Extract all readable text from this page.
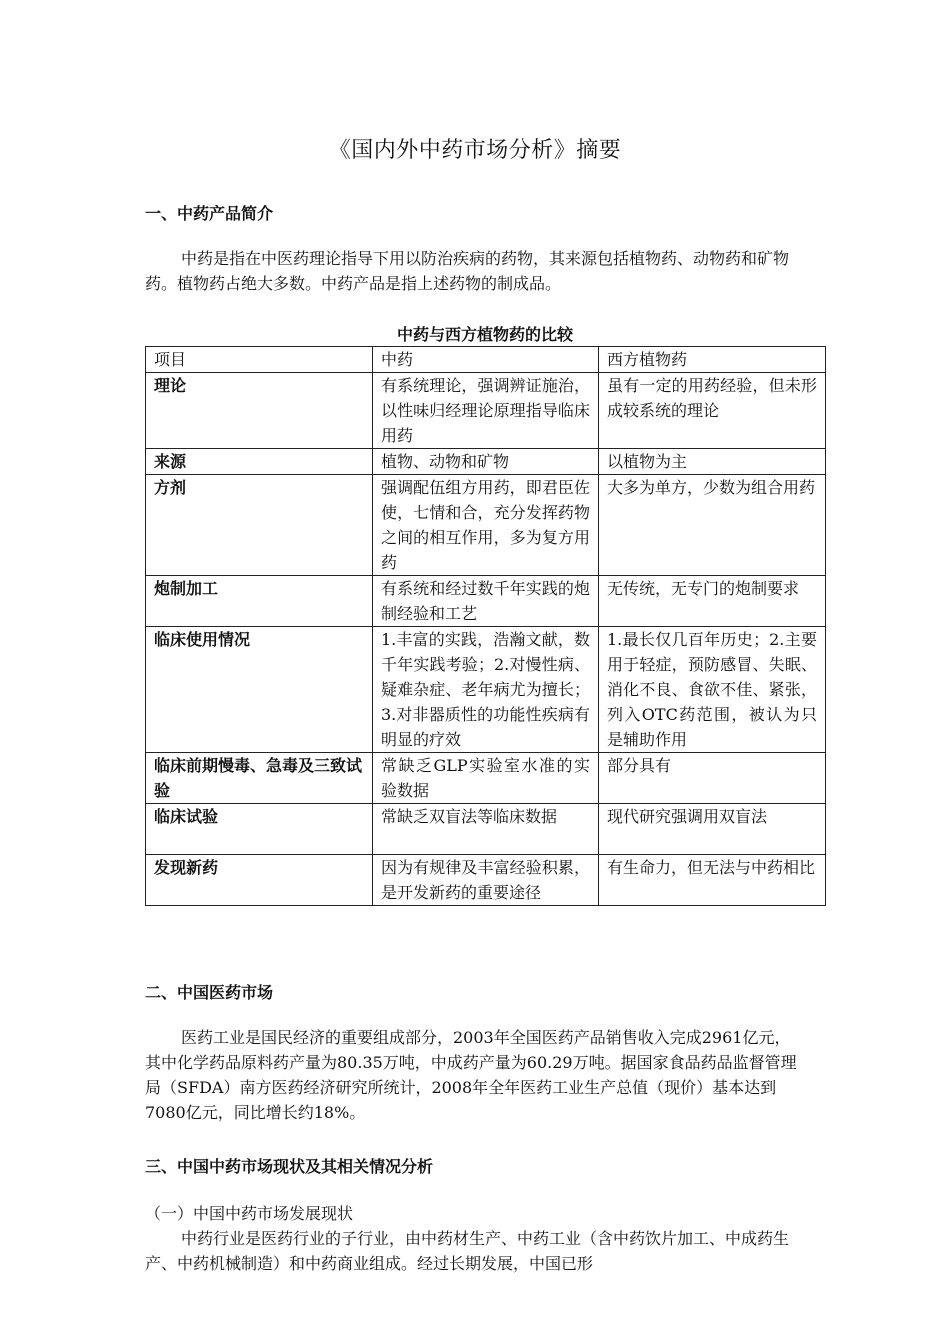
《国内外中药市场分析》摘要
一、中药产品简介
中药是指在中医药理论指导下用以防治疾病的药物，其来源包括植物药、动物药和矿物药。植物药占绝大多数。中药产品是指上述药物的制成品。
中药与西方植物药的比较
项目	中药	西方植物药
理论	有系统理论，强调辨证施治，以性味归经理论原理指导临床用药	虽有一定的用药经验，但未形成较系统的理论
来源	植物、动物和矿物	以植物为主
方剂	强调配伍组方用药，即君臣佐使，七情和合，充分发挥药物之间的相互作用，多为复方用药	大多为单方，少数为组合用药
炮制加工	有系统和经过数千年实践的炮制经验和工艺	无传统，无专门的炮制要求
临床使用情况	1.丰富的实践，浩瀚文献，数千年实践考验；2.对慢性病、疑难杂症、老年病尤为擅长；3.对非器质性的功能性疾病有明显的疗效	1.最长仅几百年历史；2.主要用于轻症，预防感冒、失眠、消化不良、食欲不佳、紧张，列入OTC药范围，被认为只是辅助作用
临床前期慢毒、急毒及三致试验	常缺乏GLP实验室水准的实验数据	部分具有
临床试验	常缺乏双盲法等临床数据	现代研究强调用双盲法
发现新药	因为有规律及丰富经验积累，是开发新药的重要途径	有生命力，但无法与中药相比
二、中国医药市场
医药工业是国民经济的重要组成部分，2003年全国医药产品销售收入完成2961亿元，其中化学药品原料药产量为80.35万吨，中成药产量为60.29万吨。据国家食品药品监督管理局（SFDA）南方医药经济研究所统计，2008年全年医药工业生产总值（现价）基本达到7080亿元，同比增长约18%。
三、中国中药市场现状及其相关情况分析
（一）中国中药市场发展现状
中药行业是医药行业的子行业，由中药材生产、中药工业（含中药饮片加工、中成药生产、中药机械制造）和中药商业组成。经过长期发展，中国已形
